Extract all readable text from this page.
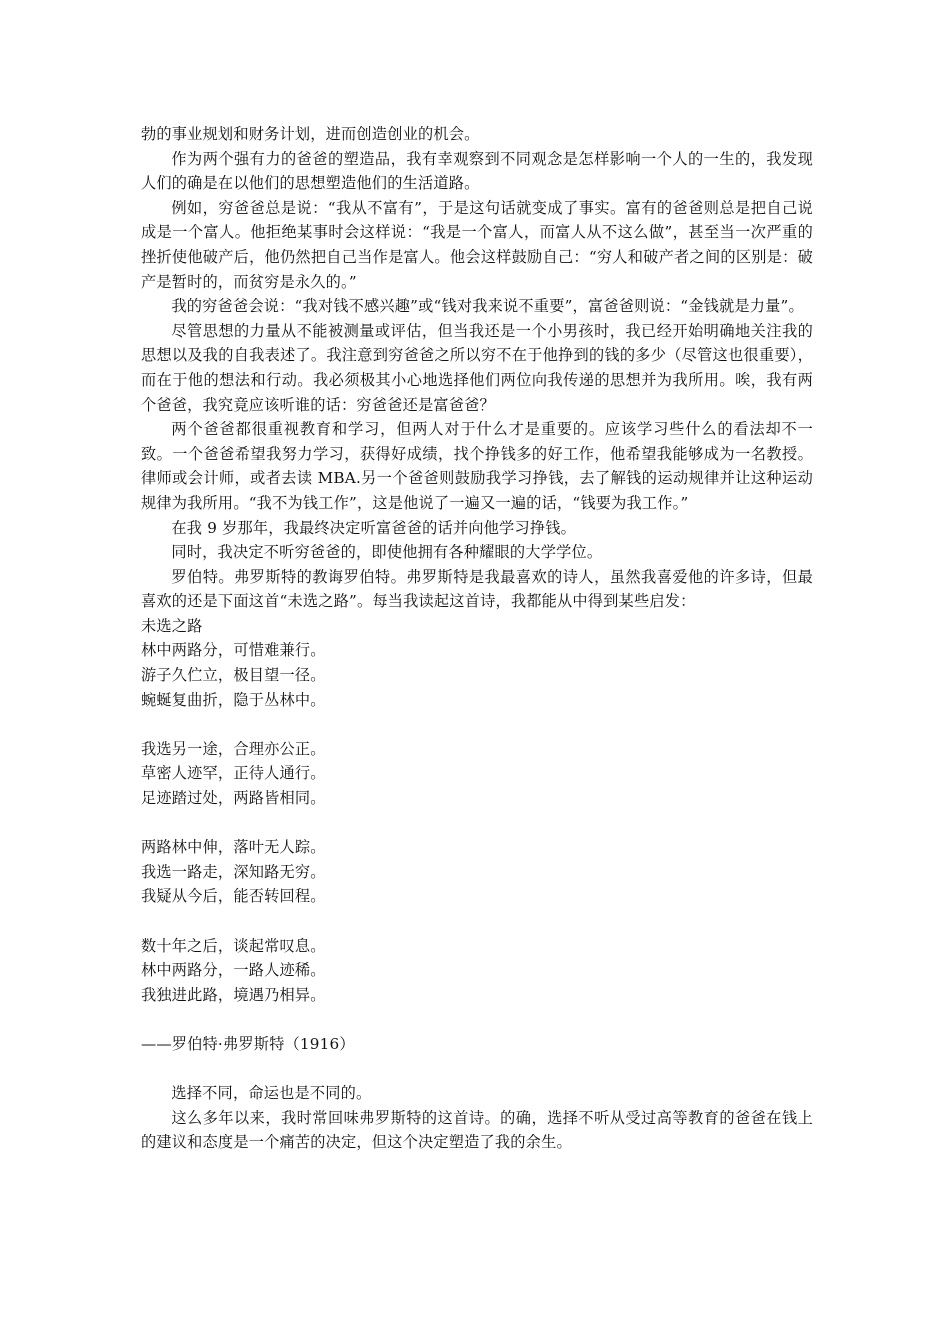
勃的事业规划和财务计划，进而创造创业的机会。

作为两个强有力的爸爸的塑造品，我有幸观察到不同观念是怎样影响一个人的一生的，我发现人们的确是在以他们的思想塑造他们的生活道路。

例如，穷爸爸总是说：“我从不富有”，于是这句话就变成了事实。富有的爸爸则总是把自己说成是一个富人。他拒绝某事时会这样说：“我是一个富人，而富人从不这么做”，甚至当一次严重的挫折使他破产后，他仍然把自己当作是富人。他会这样鼓励自己：“穷人和破产者之间的区别是：破产是暂时的，而贫穷是永久的。”

我的穷爸爸会说：“我对钱不感兴趣”或“钱对我来说不重要”，富爸爸则说：“金钱就是力量”。

尽管思想的力量从不能被测量或评估，但当我还是一个小男孩时，我已经开始明确地关注我的思想以及我的自我表述了。我注意到穷爸爸之所以穷不在于他挣到的钱的多少（尽管这也很重要），而在于他的想法和行动。我必须极其小心地选择他们两位向我传递的思想并为我所用。唉，我有两个爸爸，我究竟应该听谁的话：穷爸爸还是富爸爸？

两个爸爸都很重视教育和学习，但两人对于什么才是重要的。应该学习些什么的看法却不一致。一个爸爸希望我努力学习，获得好成绩，找个挣钱多的好工作，他希望我能够成为一名教授。律师或会计师，或者去读 MBA.另一个爸爸则鼓励我学习挣钱，去了解钱的运动规律并让这种运动规律为我所用。“我不为钱工作”，这是他说了一遍又一遍的话，“钱要为我工作。”

在我 9 岁那年，我最终决定听富爸爸的话并向他学习挣钱。

同时，我决定不听穷爸爸的，即使他拥有各种耀眼的大学学位。

罗伯特。弗罗斯特的教诲罗伯特。弗罗斯特是我最喜欢的诗人，虽然我喜爱他的许多诗，但最喜欢的还是下面这首“未选之路”。每当我读起这首诗，我都能从中得到某些启发：

未选之路

林中两路分，可惜难兼行。
游子久伫立，极目望一径。
蜿蜒复曲折，隐于丛林中。
我选另一途，合理亦公正。
草密人迹罕，正待人通行。
足迹踏过处，两路皆相同。
两路林中伸，落叶无人踪。
我选一路走，深知路无穷。
我疑从今后，能否转回程。
数十年之后，谈起常叹息。
林中两路分，一路人迹稀。
我独进此路，境遇乃相异。

——罗伯特·弗罗斯特（1916）

选择不同，命运也是不同的。

这么多年以来，我时常回味弗罗斯特的这首诗。的确，选择不听从受过高等教育的爸爸在钱上的建议和态度是一个痛苦的决定，但这个决定塑造了我的余生。
